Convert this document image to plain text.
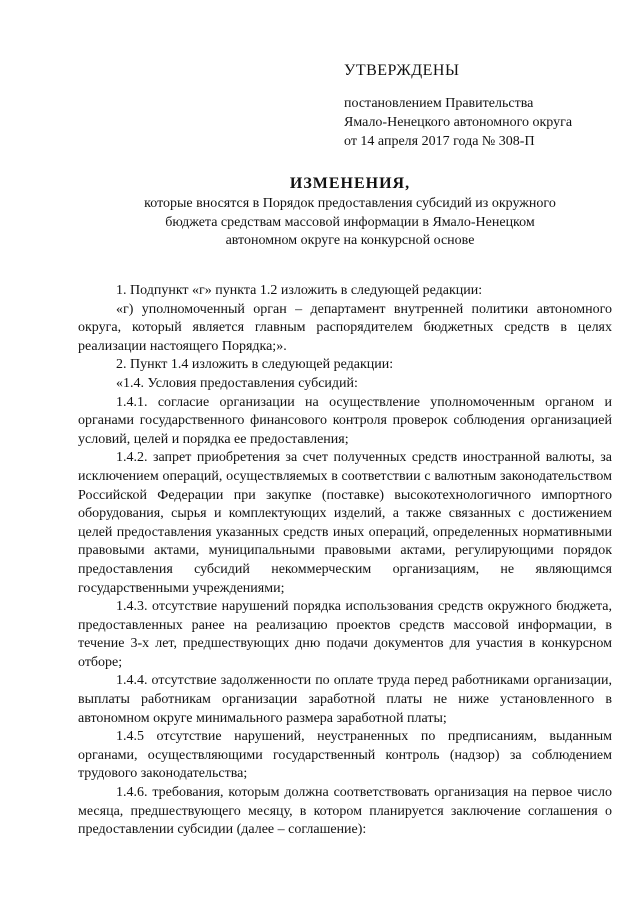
УТВЕРЖДЕНЫ
постановлением Правительства
Ямало-Ненецкого автономного округа
от 14 апреля 2017 года № 308-П
ИЗМЕНЕНИЯ,
которые вносятся в Порядок предоставления субсидий из окружного
бюджета средствам массовой информации в Ямало-Ненецком
автономном округе на конкурсной основе

1. Подпункт «г» пункта 1.2 изложить в следующей редакции:

«г) уполномоченный орган – департамент внутренней политики автономного округа, который является главным распорядителем бюджетных средств в целях реализации настоящего Порядка;».

2. Пункт 1.4 изложить в следующей редакции:

«1.4. Условия предоставления субсидий:

1.4.1. согласие организации на осуществление уполномоченным органом и органами государственного финансового контроля проверок соблюдения организацией условий, целей и порядка ее предоставления;

1.4.2. запрет приобретения за счет полученных средств иностранной валюты, за исключением операций, осуществляемых в соответствии с валютным законодательством Российской Федерации при закупке (поставке) высокотехнологичного импортного оборудования, сырья и комплектующих изделий, а также связанных с достижением целей предоставления указанных средств иных операций, определенных нормативными правовыми актами, муниципальными правовыми актами, регулирующими порядок предоставления субсидий некоммерческим организациям, не являющимся государственными учреждениями;

1.4.3. отсутствие нарушений порядка использования средств окружного бюджета, предоставленных ранее на реализацию проектов средств массовой информации, в течение 3-х лет, предшествующих дню подачи документов для участия в конкурсном отборе;

1.4.4. отсутствие задолженности по оплате труда перед работниками организации, выплаты работникам организации заработной платы не ниже установленного в автономном округе минимального размера заработной платы;

1.4.5 отсутствие нарушений, неустраненных по предписаниям, выданным органами, осуществляющими государственный контроль (надзор) за соблюдением трудового законодательства;

1.4.6. требования, которым должна соответствовать организация на первое число месяца, предшествующего месяцу, в котором планируется заключение соглашения о предоставлении субсидии (далее – соглашение):
